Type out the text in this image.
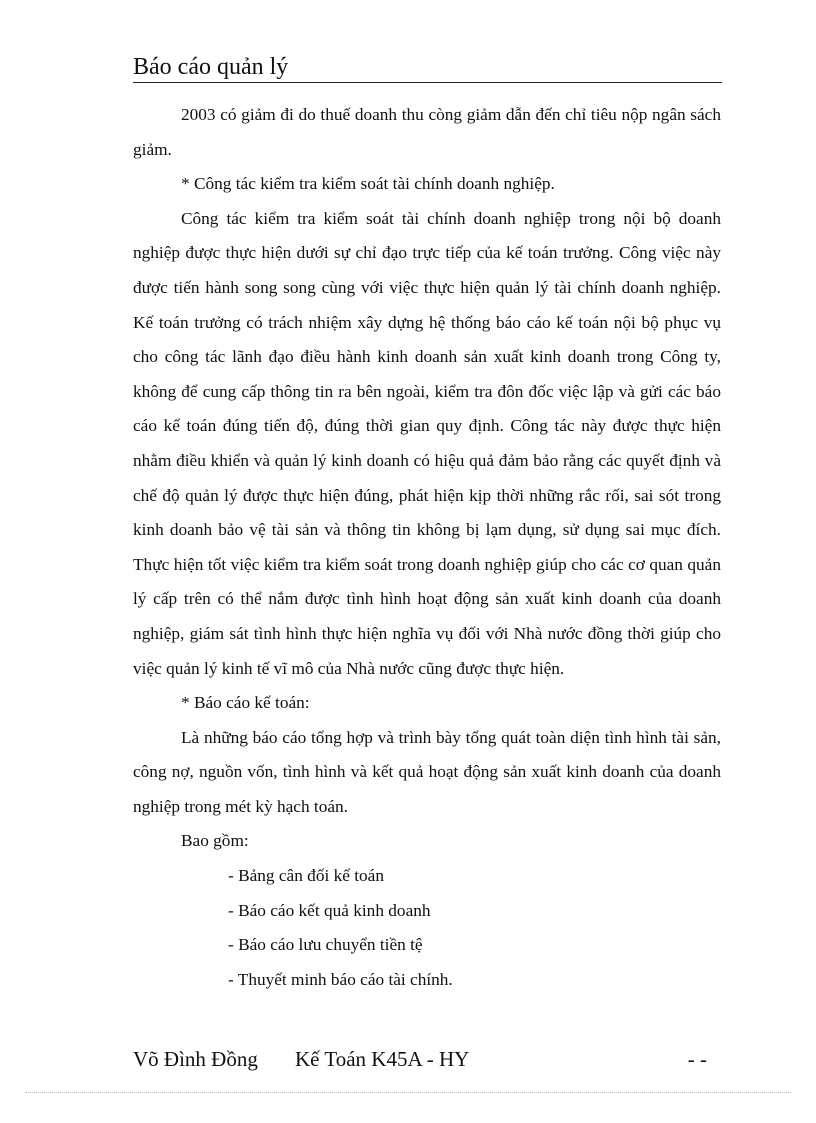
Báo cáo quản lý

2003 có giảm đi do thuế doanh thu còng giảm dẫn đến chỉ tiêu nộp ngân sách giảm.

* Công tác kiểm tra kiểm soát tài chính doanh nghiệp.

Công tác kiểm tra kiểm soát tài chính doanh nghiệp trong nội bộ doanh nghiệp được thực hiện dưới sự chỉ đạo trực tiếp của kế toán trưởng. Công việc này được tiến hành song song cùng với việc thực hiện quản lý tài chính doanh nghiệp. Kế toán trưởng có trách nhiệm xây dựng hệ thống báo cáo kế toán nội bộ phục vụ cho công tác lãnh đạo điều hành kinh doanh sản xuất kinh doanh trong Công ty, không để cung cấp thông tin ra bên ngoài, kiểm tra đôn đốc việc lập và gửi các báo cáo kế toán đúng tiến độ, đúng thời gian quy định. Công tác này được thực hiện nhằm điều khiển và quản lý kinh doanh có hiệu quả đảm bảo rằng các quyết định và chế độ quản lý được thực hiện đúng, phát hiện kịp thời những rắc rối, sai sót trong kinh doanh bảo vệ tài sản và thông tin không bị lạm dụng, sử dụng sai mục đích. Thực hiện tốt việc kiểm tra kiểm soát trong doanh nghiệp giúp cho các cơ quan quản lý cấp trên có thể nắm được tình hình hoạt động sản xuất kinh doanh của doanh nghiệp, giám sát tình hình thực hiện nghĩa vụ đối với Nhà nước đồng thời giúp cho việc quản lý kinh tế vĩ mô của Nhà nước cũng được thực hiện.

* Báo cáo kế toán:

Là những báo cáo tổng hợp và trình bày tổng quát toàn diện tình hình tài sản, công nợ, nguồn vốn, tình hình và kết quả hoạt động sản xuất kinh doanh của doanh nghiệp trong mét kỳ hạch toán.

Bao gồm:

- Bảng cân đối kế toán

- Báo cáo kết quả kinh doanh

- Báo cáo lưu chuyển tiền tệ

- Thuyết minh báo cáo tài chính.

Võ Đình Đồng Kế Toán K45A - HY	- -
